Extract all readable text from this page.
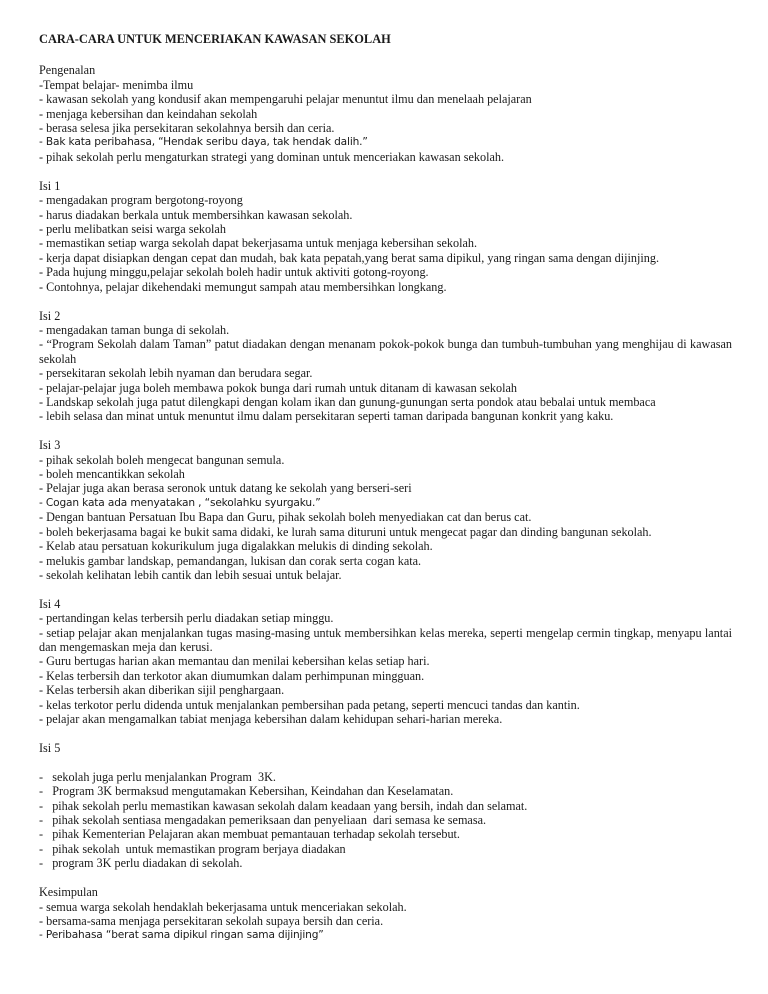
CARA-CARA UNTUK MENCERIAKAN KAWASAN SEKOLAH

Pengenalan

-Tempat belajar- menimba ilmu

- kawasan sekolah yang kondusif akan mempengaruhi pelajar menuntut ilmu dan menelaah pelajaran

- menjaga kebersihan dan keindahan sekolah

- berasa selesa jika persekitaran sekolahnya bersih dan ceria.

- Bak kata peribahasa, “Hendak seribu daya, tak hendak dalih.”

- pihak sekolah perlu mengaturkan strategi yang dominan untuk menceriakan kawasan sekolah.

Isi 1

- mengadakan program bergotong-royong

- harus diadakan berkala untuk membersihkan kawasan sekolah.

- perlu melibatkan seisi warga sekolah

- memastikan setiap warga sekolah dapat bekerjasama untuk menjaga kebersihan sekolah.

- kerja dapat disiapkan dengan cepat dan mudah, bak kata pepatah,yang berat sama dipikul, yang ringan sama dengan dijinjing.

- Pada hujung minggu,pelajar sekolah boleh hadir untuk aktiviti gotong-royong.

- Contohnya, pelajar dikehendaki memungut sampah atau membersihkan longkang.

Isi 2

- mengadakan taman bunga di sekolah.

- “Program Sekolah dalam Taman” patut diadakan dengan menanam pokok-pokok bunga dan tumbuh-tumbuhan yang menghijau di kawasan sekolah

- persekitaran sekolah lebih nyaman dan berudara segar.

- pelajar-pelajar juga boleh membawa pokok bunga dari rumah untuk ditanam di kawasan sekolah

- Landskap sekolah juga patut dilengkapi dengan kolam ikan dan gunung-gunungan serta pondok atau bebalai untuk membaca

- lebih selasa dan minat untuk menuntut ilmu dalam persekitaran seperti taman daripada bangunan konkrit yang kaku.

Isi 3

- pihak sekolah boleh mengecat bangunan semula.

- boleh mencantikkan sekolah

- Pelajar juga akan berasa seronok untuk datang ke sekolah yang berseri-seri

- Cogan kata ada menyatakan , “sekolahku syurgaku.”

- Dengan bantuan Persatuan Ibu Bapa dan Guru, pihak sekolah boleh menyediakan cat dan berus cat.

- boleh bekerjasama bagai ke bukit sama didaki, ke lurah sama dituruni untuk mengecat pagar dan dinding bangunan sekolah.

- Kelab atau persatuan kokurikulum juga digalakkan melukis di dinding sekolah.

- melukis gambar landskap, pemandangan, lukisan dan corak serta cogan kata.

- sekolah kelihatan lebih cantik dan lebih sesuai untuk belajar.

Isi 4

- pertandingan kelas terbersih perlu diadakan setiap minggu.

- setiap pelajar akan menjalankan tugas masing-masing untuk membersihkan kelas mereka, seperti mengelap cermin tingkap, menyapu lantai dan mengemaskan meja dan kerusi.

- Guru bertugas harian akan memantau dan menilai kebersihan kelas setiap hari.

- Kelas terbersih dan terkotor akan diumumkan dalam perhimpunan mingguan.

- Kelas terbersih akan diberikan sijil penghargaan.

- kelas terkotor perlu didenda untuk menjalankan pembersihan pada petang, seperti mencuci tandas dan kantin.

- pelajar akan mengamalkan tabiat menjaga kebersihan dalam kehidupan sehari-harian mereka.

Isi 5

-   sekolah juga perlu menjalankan Program  3K.

-   Program 3K bermaksud mengutamakan Kebersihan, Keindahan dan Keselamatan.

-   pihak sekolah perlu memastikan kawasan sekolah dalam keadaan yang bersih, indah dan selamat.

-   pihak sekolah sentiasa mengadakan pemeriksaan dan penyeliaan  dari semasa ke semasa.

-   pihak Kementerian Pelajaran akan membuat pemantauan terhadap sekolah tersebut.

-   pihak sekolah  untuk memastikan program berjaya diadakan

-   program 3K perlu diadakan di sekolah.

Kesimpulan

- semua warga sekolah hendaklah bekerjasama untuk menceriakan sekolah.

- bersama-sama menjaga persekitaran sekolah supaya bersih dan ceria.

- Peribahasa “berat sama dipikul ringan sama dijinjing”
